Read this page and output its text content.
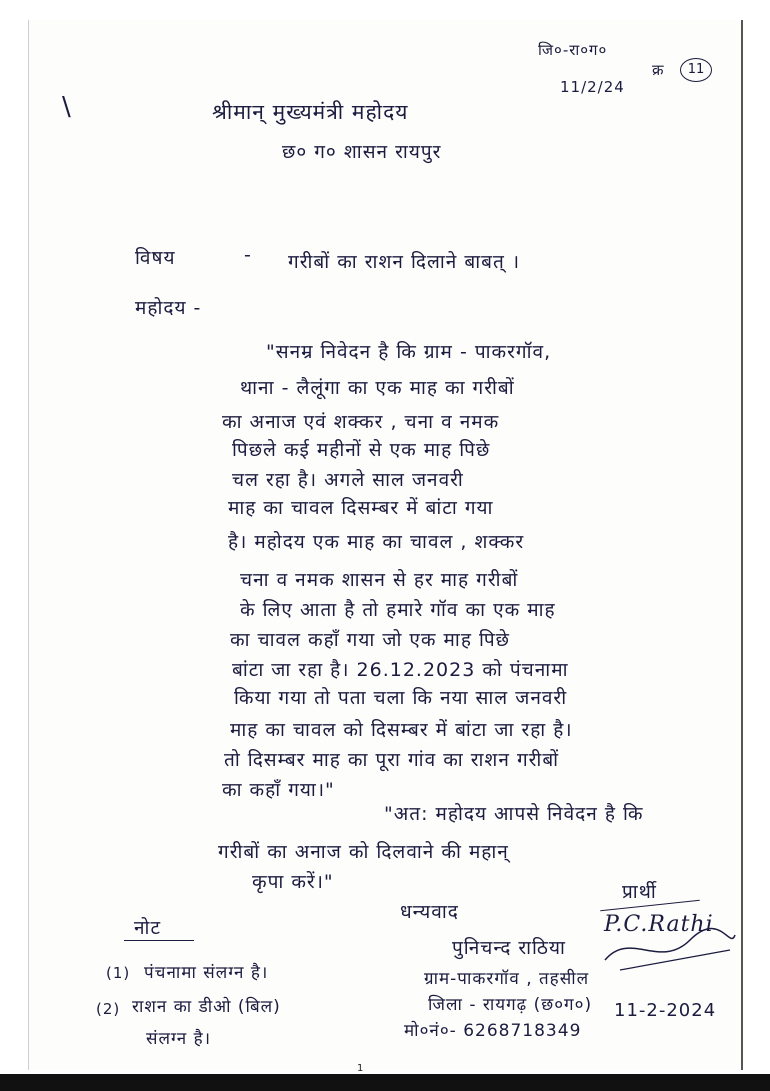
जि०-रा०ग०
11/2/24
क्र	11
\	श्रीमान् मुख्यमंत्री महोदय
छ० ग० शासन रायपुर
विषय	- गरीबों का राशन दिलाने बाबत् ।
महोदय -
"सनम्र निवेदन है कि ग्राम - पाकरगॉव,
थाना - लैलूंगा का एक माह का गरीबों
का अनाज एवं शक्कर , चना व नमक
पिछले कई महीनों से एक माह पिछे
चल रहा है। अगले साल जनवरी
माह का चावल दिसम्बर में बांटा गया
है। महोदय एक माह का चावल , शक्कर
चना व नमक शासन से हर माह गरीबों
के लिए आता है तो हमारे गॉव का एक माह
का चावल कहाँ गया जो एक माह पिछे
बांटा जा रहा है। 26.12.2023 को पंचनामा
किया गया तो पता चला कि नया साल जनवरी
माह का चावल को दिसम्बर में बांटा जा रहा है।
तो दिसम्बर माह का पूरा गांव का राशन गरीबों
का कहाँ गया।"
"अत: महोदय आपसे निवेदन है कि
गरीबों का अनाज को दिलवाने की महान्
कृपा करें।"
धन्यवाद
प्रार्थी
पुनिचन्द राठिया
P.C.Rathi
ग्राम-पाकरगॉव , तहसील
जिला - रायगढ़ (छ०ग०)
मो०नं०- 6268718349
11-2-2024
नोट
(1) पंचनामा संलग्न है।
(2) राशन का डीओ (बिल)
संलग्न है।
1
